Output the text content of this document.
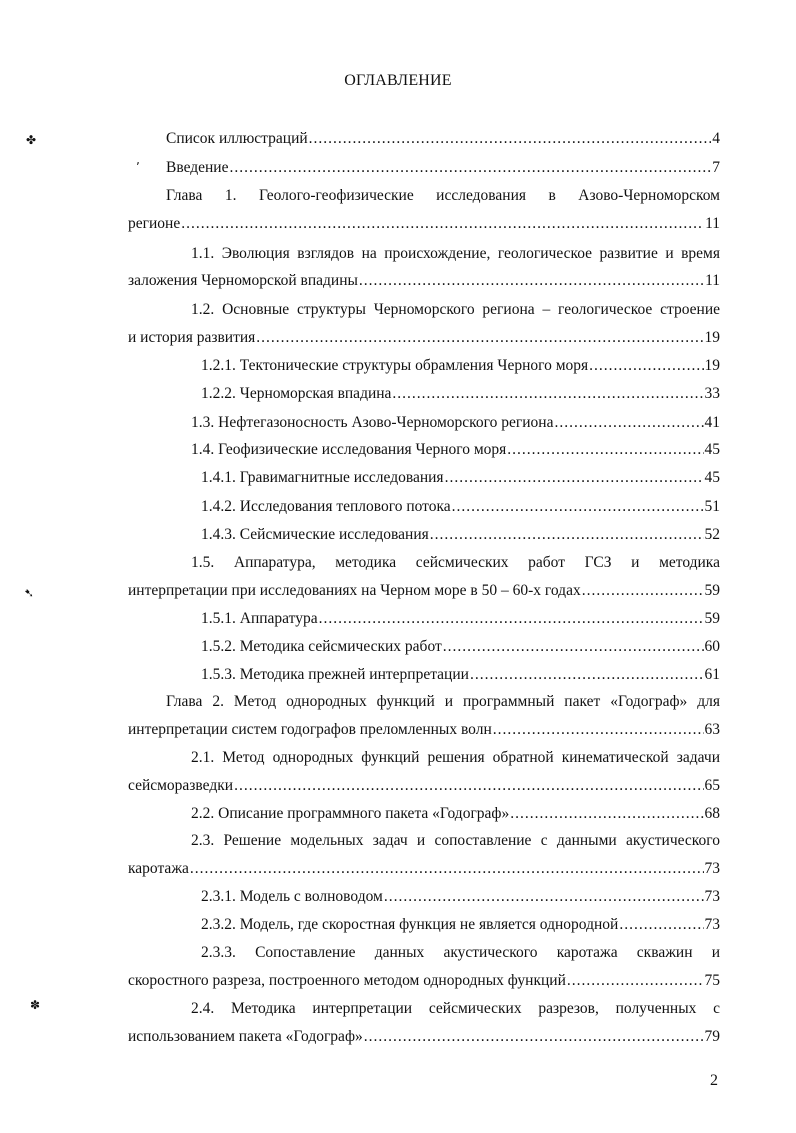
ОГЛАВЛЕНИЕ
✤
ʼ
➷
✽
Список иллюстраций .....	4
Введение .....	7
Глава 1. Геолого-геофизические исследования в Азово-Черноморском
регионе .....	11
1.1. Эволюция взглядов на происхождение, геологическое развитие и время
заложения Черноморской впадины .....	11
1.2. Основные структуры Черноморского региона – геологическое строение
и история развития .....	19
1.2.1. Тектонические структуры обрамления Черного моря .....	19
1.2.2. Черноморская впадина .....	33
1.3. Нефтегазоносность Азово-Черноморского региона .....	41
1.4. Геофизические исследования Черного моря .....	45
1.4.1. Гравимагнитные исследования .....	45
1.4.2. Исследования теплового потока .....	51
1.4.3. Сейсмические исследования .....	52
1.5. Аппаратура, методика сейсмических работ ГСЗ и методика
интерпретации при исследованиях на Черном море в 50 – 60-х годах .....	59
1.5.1. Аппаратура .....	59
1.5.2. Методика сейсмических работ .....	60
1.5.3. Методика прежней интерпретации .....	61
Глава 2. Метод однородных функций и программный пакет «Годограф» для
интерпретации систем годографов преломленных волн .....	63
2.1. Метод однородных функций решения обратной кинематической задачи
сейсморазведки .....	65
2.2. Описание программного пакета «Годограф» .....	68
2.3. Решение модельных задач и сопоставление с данными акустического
каротажа .....	73
2.3.1. Модель с волноводом .....	73
2.3.2. Модель, где скоростная функция не является однородной .....	73
2.3.3. Сопоставление данных акустического каротажа скважин и
скоростного разреза, построенного методом однородных функций .....	75
2.4. Методика интерпретации сейсмических разрезов, полученных с
использованием пакета «Годограф» .....	79
2
